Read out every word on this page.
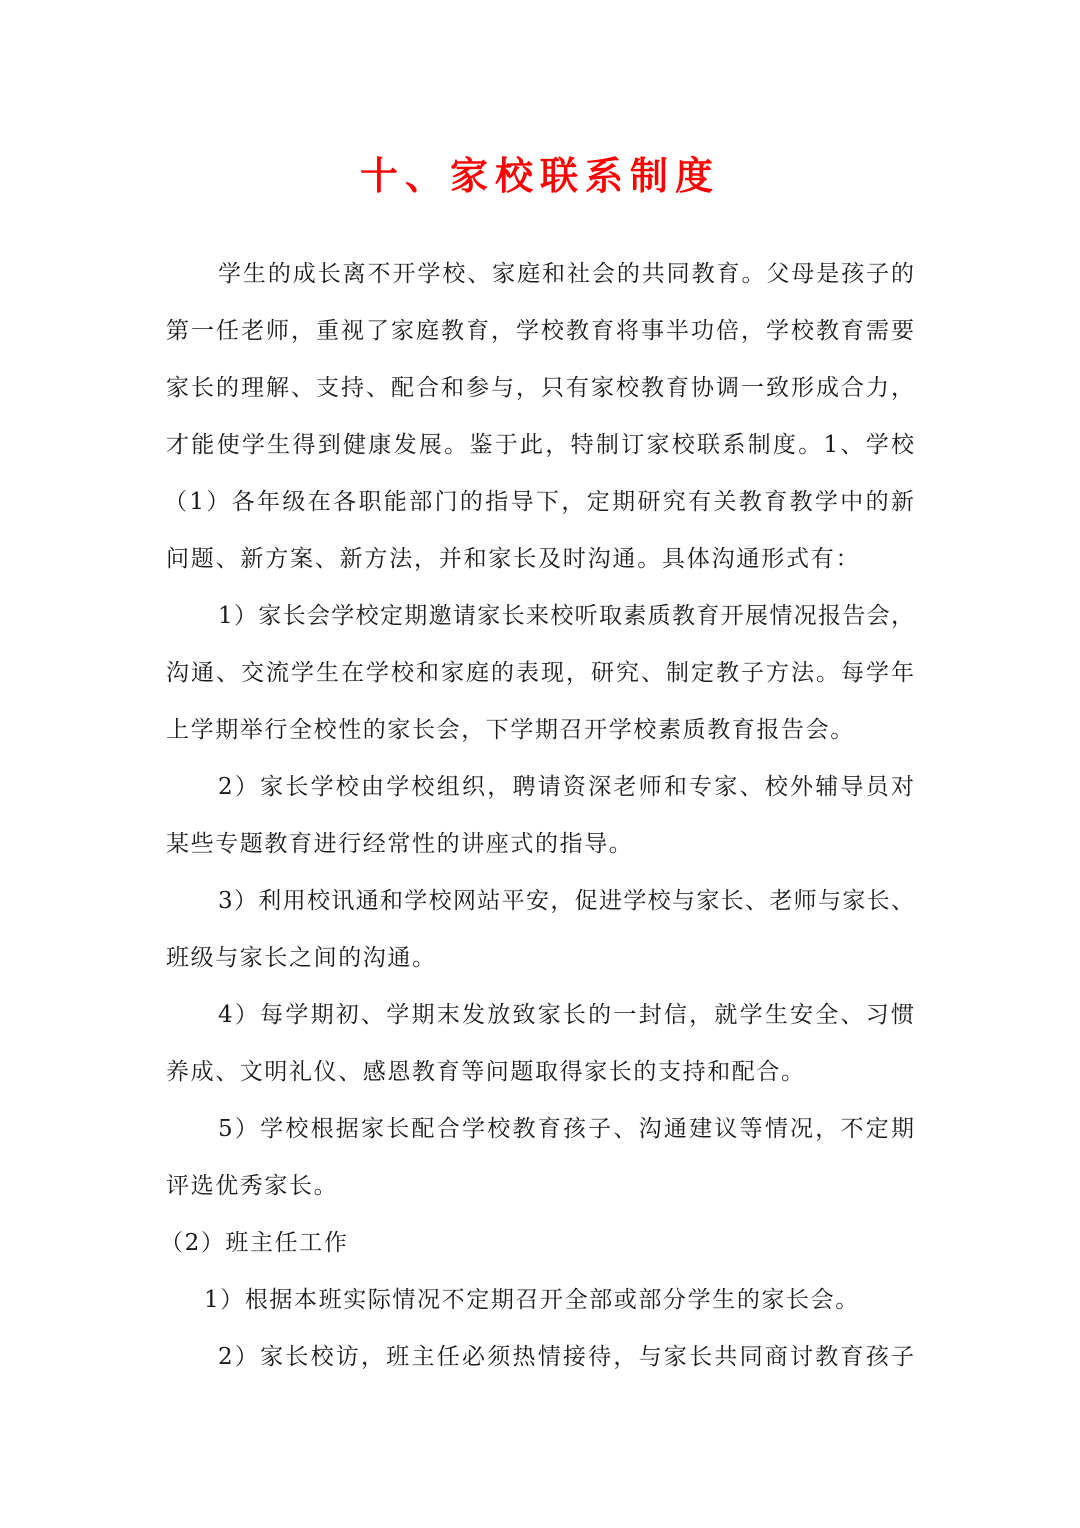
十、家校联系制度
学生的成长离不开学校、家庭和社会的共同教育。父母是孩子的
第一任老师，重视了家庭教育，学校教育将事半功倍，学校教育需要
家长的理解、支持、配合和参与，只有家校教育协调一致形成合力，
才能使学生得到健康发展。鉴于此，特制订家校联系制度。1、学校
（1）各年级在各职能部门的指导下，定期研究有关教育教学中的新
问题、新方案、新方法，并和家长及时沟通。具体沟通形式有：
1）家长会学校定期邀请家长来校听取素质教育开展情况报告会，
沟通、交流学生在学校和家庭的表现，研究、制定教子方法。每学年
上学期举行全校性的家长会，下学期召开学校素质教育报告会。
2）家长学校由学校组织，聘请资深老师和专家、校外辅导员对
某些专题教育进行经常性的讲座式的指导。
3）利用校讯通和学校网站平安，促进学校与家长、老师与家长、
班级与家长之间的沟通。
4）每学期初、学期末发放致家长的一封信，就学生安全、习惯
养成、文明礼仪、感恩教育等问题取得家长的支持和配合。
5）学校根据家长配合学校教育孩子、沟通建议等情况，不定期
评选优秀家长。
（2）班主任工作
1）根据本班实际情况不定期召开全部或部分学生的家长会。
2）家长校访，班主任必须热情接待，与家长共同商讨教育孩子
